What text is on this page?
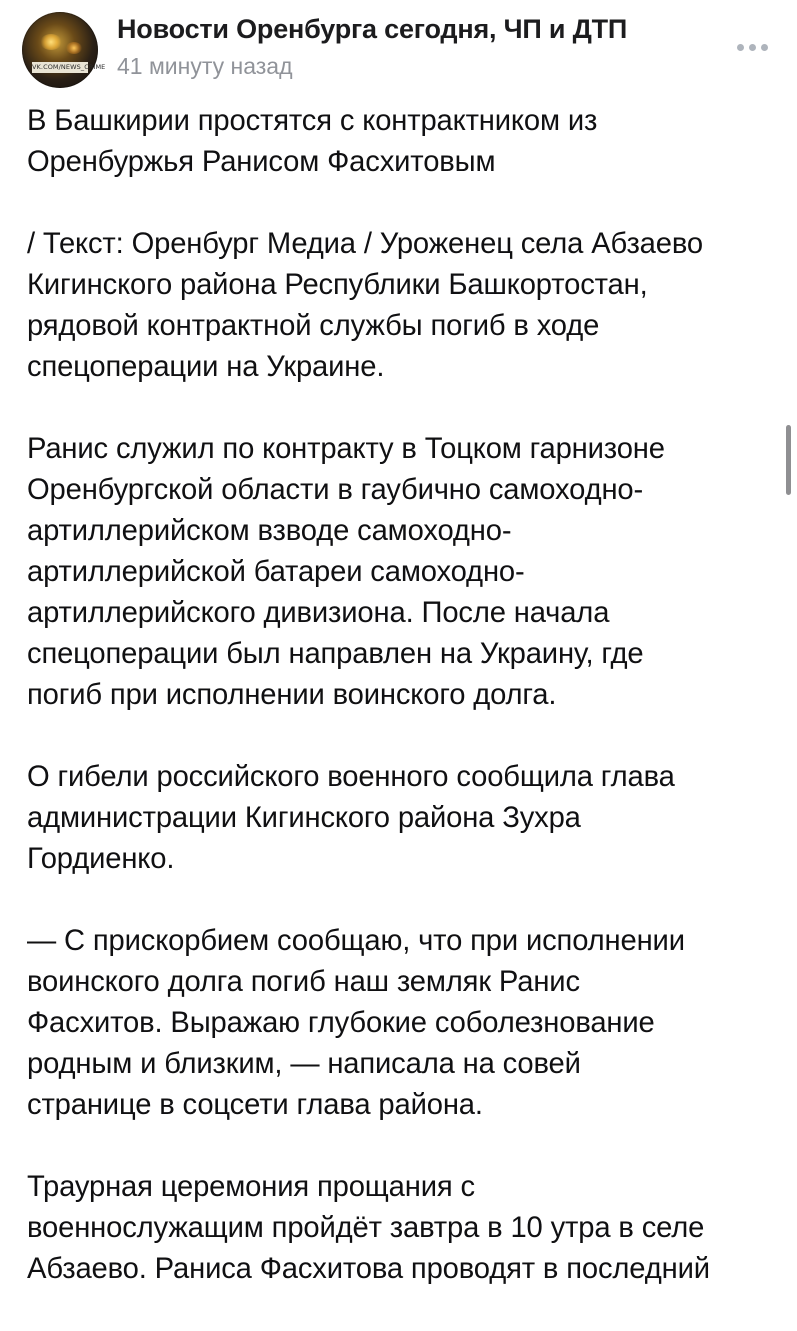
VK.COM/NEWS_CRIME
Новости Оренбурга сегодня, ЧП и ДТП
41 минуту назад

В Башкирии простятся с контрактником из
Оренбуржья Ранисом Фасхитовым

/ Текст: Оренбург Медиа / Уроженец села Абзаево
Кигинского района Республики Башкортостан,
рядовой контрактной службы погиб в ходе
спецоперации на Украине.

Ранис служил по контракту в Тоцком гарнизоне
Оренбургской области в гаубично самоходно-
артиллерийском взводе самоходно-
артиллерийской батареи самоходно-
артиллерийского дивизиона. После начала
спецоперации был направлен на Украину, где
погиб при исполнении воинского долга.

О гибели российского военного сообщила глава
администрации Кигинского района Зухра
Гордиенко.

— С прискорбием сообщаю, что при исполнении
воинского долга погиб наш земляк Ранис
Фасхитов. Выражаю глубокие соболезнование
родным и близким, — написала на совей
странице в соцсети глава района.

Траурная церемония прощания с
военнослужащим пройдёт завтра в 10 утра в селе
Абзаево. Раниса Фасхитова проводят в последний
